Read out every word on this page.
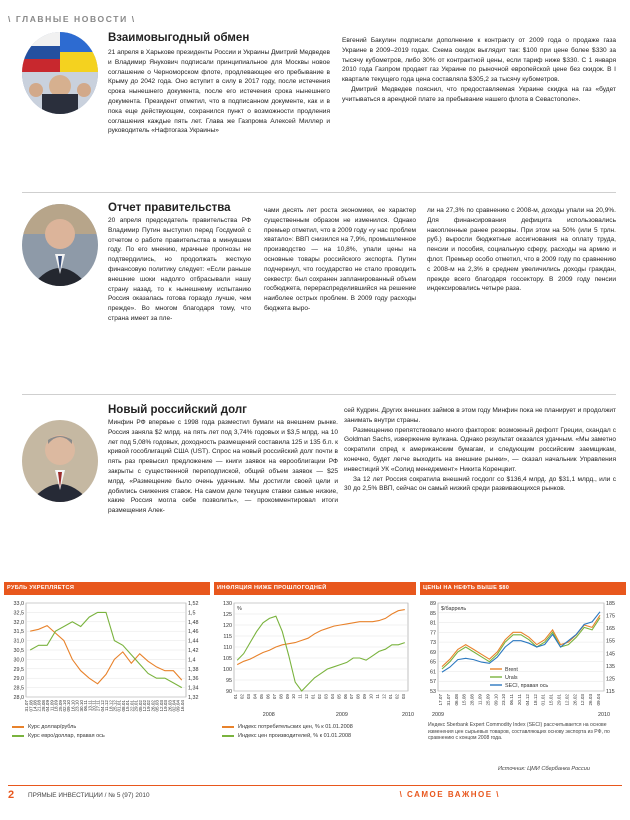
\ ГЛАВНЫЕ НОВОСТИ \
Взаимовыгодный обмен

21 апреля в Харькове президенты России и Украины Дмитрий Медведев и Владимир Янукович подписали принципиальное для Москвы новое соглашение о Черноморском флоте, продлевающее его пребывание в Крыму до 2042 года. Оно вступит в силу в 2017 году, после истечения срока нынешнего документа, после его истечения срока нынешнего документа. Президент отметил, что в подписанном документе, как и в пока еще действующем, сохранился пункт о возможности продления соглашения каждые пять лет. Глава же Газпрома Алексей Миллер и руководитель «Нафтогаза Украины»

Евгений Бакулин подписали дополнение к контракту от 2009 года о продаже газа Украине в 2009–2019 годах. Схема скидок выглядит так: $100 при цене более $330 за тысячу кубометров, либо 30% от контрактной цены, если тариф ниже $330. С 1 января 2010 года Газпром продает газ Украине по рыночной европейской цене без скидок. В I квартале текущего года цена составляла $305,2 за тысячу кубометров.

Дмитрий Медведев пояснил, что предоставляемая Украине скидка на газ «будет учитываться в арендной плате за пребывание нашего флота в Севастополе».

Отчет правительства

20 апреля председатель правительства РФ Владимир Путин выступил перед Госдумой с отчетом о работе правительства в минувшем году. По его мнению, мрачные прогнозы не подтвердились, но продолжать жесткую финансовую политику следует: «Если раньше внешние шоки надолго отбрасывали нашу страну назад, то к нынешнему испытанию Россия оказалась готова гораздо лучше, чем прежде». Во многом благодаря тому, что страна имеет за пле-

чами десять лет роста экономики, ее характер существенным образом не изменился. Однако премьер отметил, что в 2009 году «у нас проблем хватало»: ВВП снизился на 7,9%, промышленное производство — на 10,8%, упали цены на основные товары российского экспорта. Путин подчеркнул, что государство не стало проводить секвестр: был сохранен запланированный объем госбюджета, перераспределившийся на решение наиболее острых проблем. В 2009 году расходы бюджета выро-

ли на 27,3% по сравнению с 2008-м, доходы упали на 20,9%. Для финансирования дефицита использовались накопленные ранее резервы. При этом на 50% (или 5 трлн. руб.) выросли бюджетные ассигнования на оплату труда, пенсии и пособия, социальную сферу, расходы на армию и флот. Премьер особо отметил, что в 2009 году по сравнению с 2008-м на 2,3% в среднем увеличились доходы граждан, прежде всего благодаря госсектору. В 2009 году пенсии индексировались четыре раза.

Новый российский долг

Минфин РФ впервые с 1998 года разместил бумаги на внешнем рынке. Россия заняла $2 млрд. на пять лет под 3,74% годовых и $3,5 млрд. на 10 лет под 5,08% годовых, доходность размещений составила 125 и 135 б.п. к кривой гособлигаций США (UST). Спрос на новый российский долг почти в пять раз превысил предложение — книги заявок на еврооблигации РФ закрыты с существенной переподпиской, общий объем заявок — $25 млрд. «Размещение было очень удачным. Мы достигли своей цели и добились снижения ставок. На самом деле текущие ставки самые низкие, какие Россия могла себе позволить», — прокомментировал итоги размещения Алек-

сей Кудрин. Других внешних займов в этом году Минфин пока не планирует и продолжит занимать внутри страны.

Размещению препятствовало много факторов: возможный дефолт Греции, скандал с Goldman Sachs, извержение вулкана. Однако результат оказался удачным. «Мы заметно сократили спред к американским бумагам, и следующим российским заемщикам, конечно, будет легче выходить на внешние рынки», — сказал начальник Управления инвестиций УК «Солид менеджмент» Никита Коренцвит.

За 12 лет Россия сократила внешний госдолг со $136,4 млрд. до $31,1 млрд., или с 30 до 2,5% ВВП, сейчас он самый низкий среди развивающихся рынков.

РУБЛЬ УКРЕПЛЯЕТСЯ
33,0
32,5
32,0
31,5
31,0
30,5
30,0
29,5
29,0
28,5
28,0
1,52
1,5
1,48
1,46
1,44
1,42
1,4
1,38
1,36
1,34
1,32
31.07 07.08 14.08 21.08 28.08 04.09 11.09 18.09 25.09 02.10 09.10 16.10 23.10 30.10 06.11 13.11 20.11 27.11 04.12 11.12 18.12 25.12 01.01 08.01 15.01 22.01 29.01 05.02 12.02 19.02 26.02 05.03 12.03 19.03 26.03 02.04 09.04 16.04
Курс доллар/рубль
Курс евро/доллар, правая ось
ИНФЛЯЦИЯ НИЖЕ ПРОШЛОГОДНЕЙ
130
125
120
115
110
105
100
95
90
%
01 02 03 04 05 06 07 08 09 10 11 12 01 02 03 04 05 06 07 08 09 10 11 12 01 02 03
2008	2009	2010
Индекс потребительских цен, % к 01.01.2008
Индекс цен производителей, % к 01.01.2008
ЦЕНЫ НА НЕФТЬ ВЫШЕ $80
89
85
81
77
73
69
65
61
57
53
185
175
165
155
145
135
125
115
$/баррель
17.07 31.07 06.08 15.08 28.08 11.09 25.09 09.10 23.10 06.11 20.11 04.12 18.12 01.01 15.01 29.01 12.02 26.02 12.03 26.03 09.04
2009	2010
Brent
Urals
SECI, правая ось
Индекс Sberbank Expert Commodity Index (SECI) рассчитывается на основе изменения цен сырьевых товаров, составляющих основу экспорта из РФ, по сравнению с концом 2008 года.
Источник: ЦМИ Сбербанка России
2 ПРЯМЫЕ ИНВЕСТИЦИИ / № 5 (97) 2010	\ САМОЕ ВАЖНОЕ \
